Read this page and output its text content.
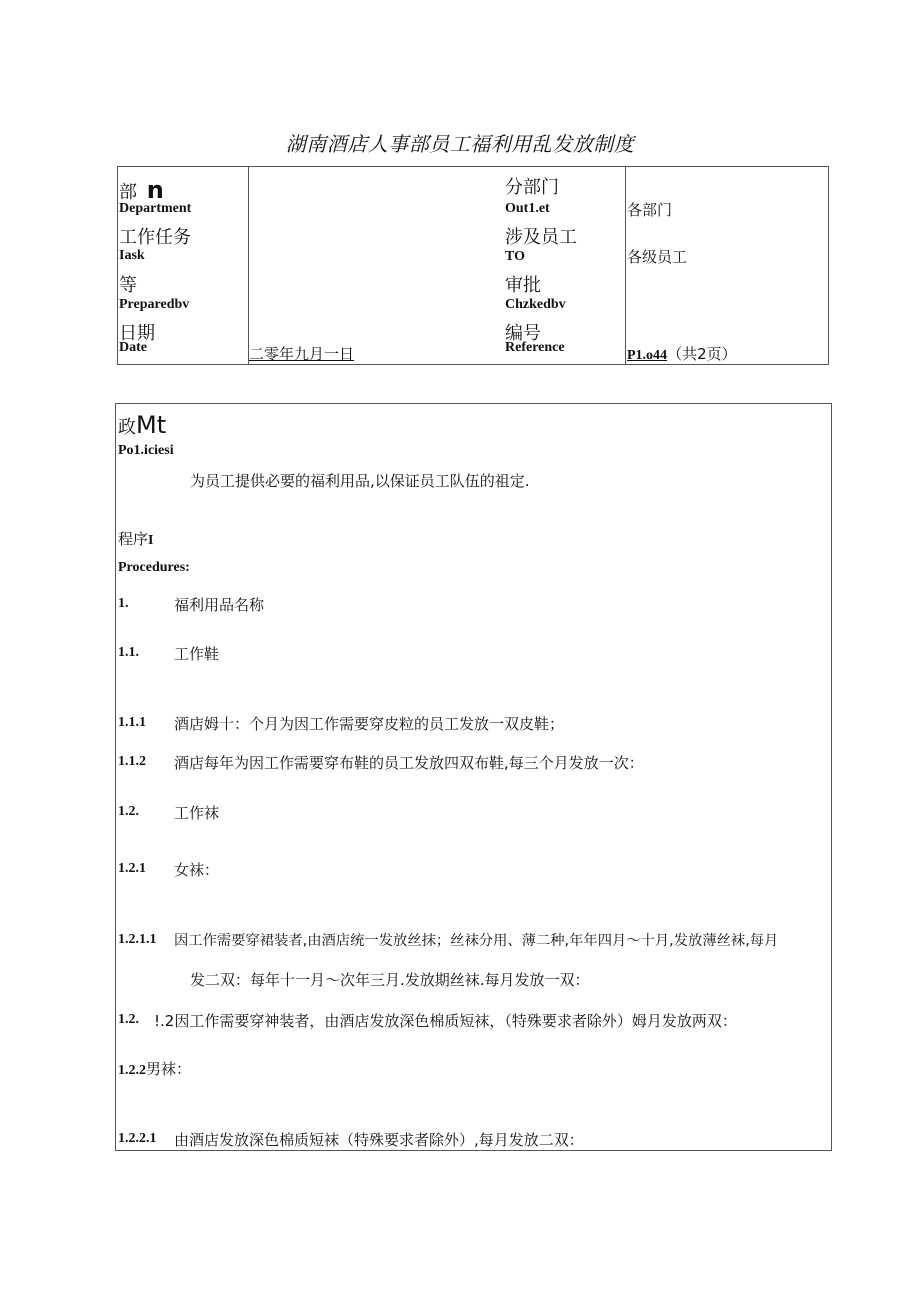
湖南酒店人事部员工福利用乱发放制度
部 n
Department
工作任务
Iask
等
Preparedbv
日期
Date	二零年九月一日
分部门
Out1.et
涉及员工
TO
审批
Chzkedbv
编号
Reference
各部门
各级员工
P1.o44（共2页）
政Mt
Po1.iciesi
为员工提供必要的福利用品,以保证员工队伍的祖定.
程序I
Procedures:
1.	福利用品名称
1.1. 工作鞋
1.1.1 酒店姆十：个月为因工作需要穿皮粒的员工发放一双皮鞋；
1.1.2 酒店每年为因工作需要穿布鞋的员工发放四双布鞋,每三个月发放一次：
1.2. 工作袜
1.2.1 女袜：
1.2.1.1 因工作需要穿裙装者,由酒店统一发放丝抹；丝袜分用、薄二种,年年四月〜十月,发放薄丝袜,每月
发二双：每年十一月〜次年三月.发放期丝袜.每月发放一双：
1.2. !.2因工作需要穿神装者，由酒店发放深色棉质短袜，（特殊要求者除外）姆月发放两双：
1.2.2男袜：
1.2.2.1 由酒店发放深色棉质短袜（特殊要求者除外）,每月发放二双：
